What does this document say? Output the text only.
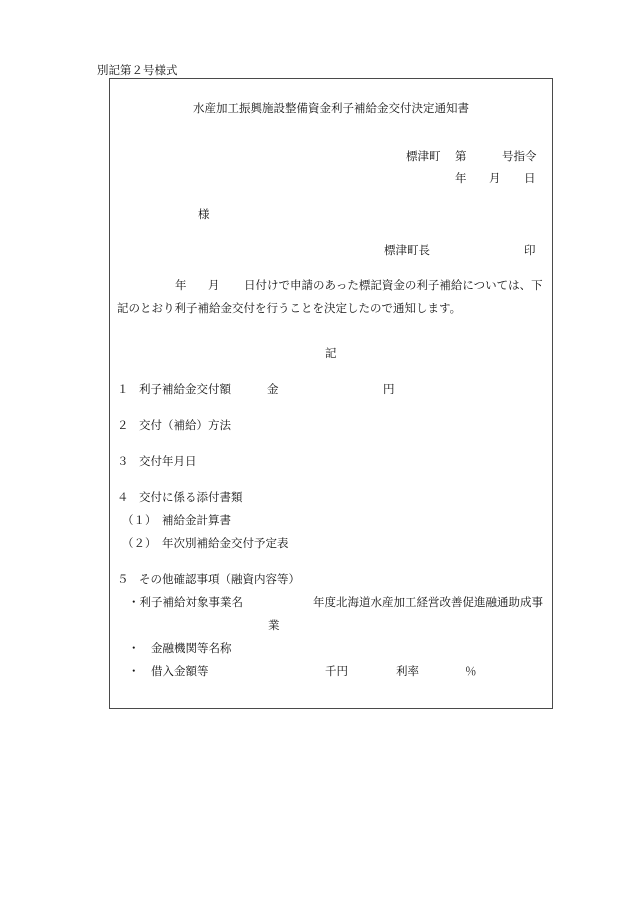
別記第２号様式
水産加工振興施設整備資金利子補給金交付決定通知書
標津町 第	号指令
年 月 日
様
標津町長	印
年 月 日付けで申請のあった標記資金の利子補給については、下
記のとおり利子補給金交付を行うことを決定したので通知します。
記
１ 利子補給金交付額	金	円
２ 交付（補給）方法
３ 交付年月日
４ 交付に係る添付書類
（１） 補給金計算書
（２） 年次別補給金交付予定表
５ その他確認事項（融資内容等）
・利子補給対象事業名	年度北海道水産加工経営改善促進融通助成事
業
・ 金融機関等名称
・ 借入金額等	千円	利率	％
